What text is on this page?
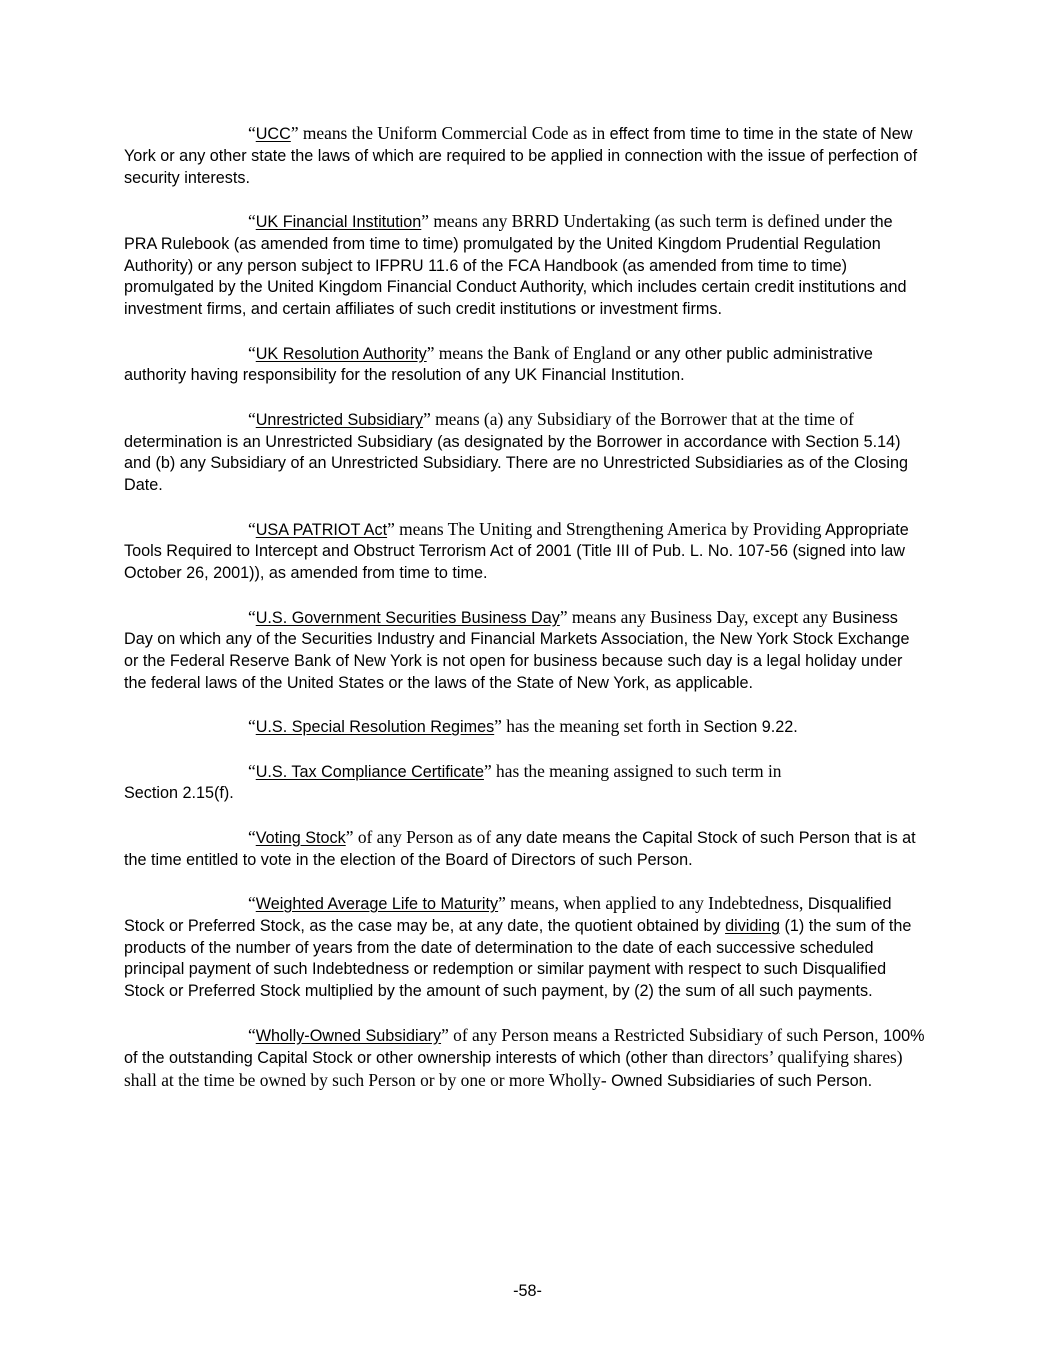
“UCC” means the Uniform Commercial Code as in effect from time to time in the state of New York or any other state the laws of which are required to be applied in connection with the issue of perfection of security interests.

“UK Financial Institution” means any BRRD Undertaking (as such term is defined under the PRA Rulebook (as amended from time to time) promulgated by the United Kingdom Prudential Regulation Authority) or any person subject to IFPRU 11.6 of the FCA Handbook (as amended from time to time) promulgated by the United Kingdom Financial Conduct Authority, which includes certain credit institutions and investment firms, and certain affiliates of such credit institutions or investment firms.

“UK Resolution Authority” means the Bank of England or any other public administrative authority having responsibility for the resolution of any UK Financial Institution.

“Unrestricted Subsidiary” means (a) any Subsidiary of the Borrower that at the time of determination is an Unrestricted Subsidiary (as designated by the Borrower in accordance with Section 5.14) and (b) any Subsidiary of an Unrestricted Subsidiary. There are no Unrestricted Subsidiaries as of the Closing Date.

“USA PATRIOT Act” means The Uniting and Strengthening America by Providing Appropriate Tools Required to Intercept and Obstruct Terrorism Act of 2001 (Title III of Pub. L. No. 107-56 (signed into law October 26, 2001)), as amended from time to time.

“U.S. Government Securities Business Day” means any Business Day, except any Business Day on which any of the Securities Industry and Financial Markets Association, the New York Stock Exchange or the Federal Reserve Bank of New York is not open for business because such day is a legal holiday under the federal laws of the United States or the laws of the State of New York, as applicable.

“U.S. Special Resolution Regimes” has the meaning set forth in Section 9.22.

“U.S. Tax Compliance Certificate” has the meaning assigned to such term in
Section 2.15(f).

“Voting Stock” of any Person as of any date means the Capital Stock of such Person that is at the time entitled to vote in the election of the Board of Directors of such Person.

“Weighted Average Life to Maturity” means, when applied to any Indebtedness, Disqualified Stock or Preferred Stock, as the case may be, at any date, the quotient obtained by dividing (1) the sum of the products of the number of years from the date of determination to the date of each successive scheduled principal payment of such Indebtedness or redemption or similar payment with respect to such Disqualified Stock or Preferred Stock multiplied by the amount of such payment, by (2) the sum of all such payments.

“Wholly-Owned Subsidiary” of any Person means a Restricted Subsidiary of such Person, 100% of the outstanding Capital Stock or other ownership interests of which (other than directors’ qualifying shares) shall at the time be owned by such Person or by one or more Wholly- Owned Subsidiaries of such Person.

-58-
